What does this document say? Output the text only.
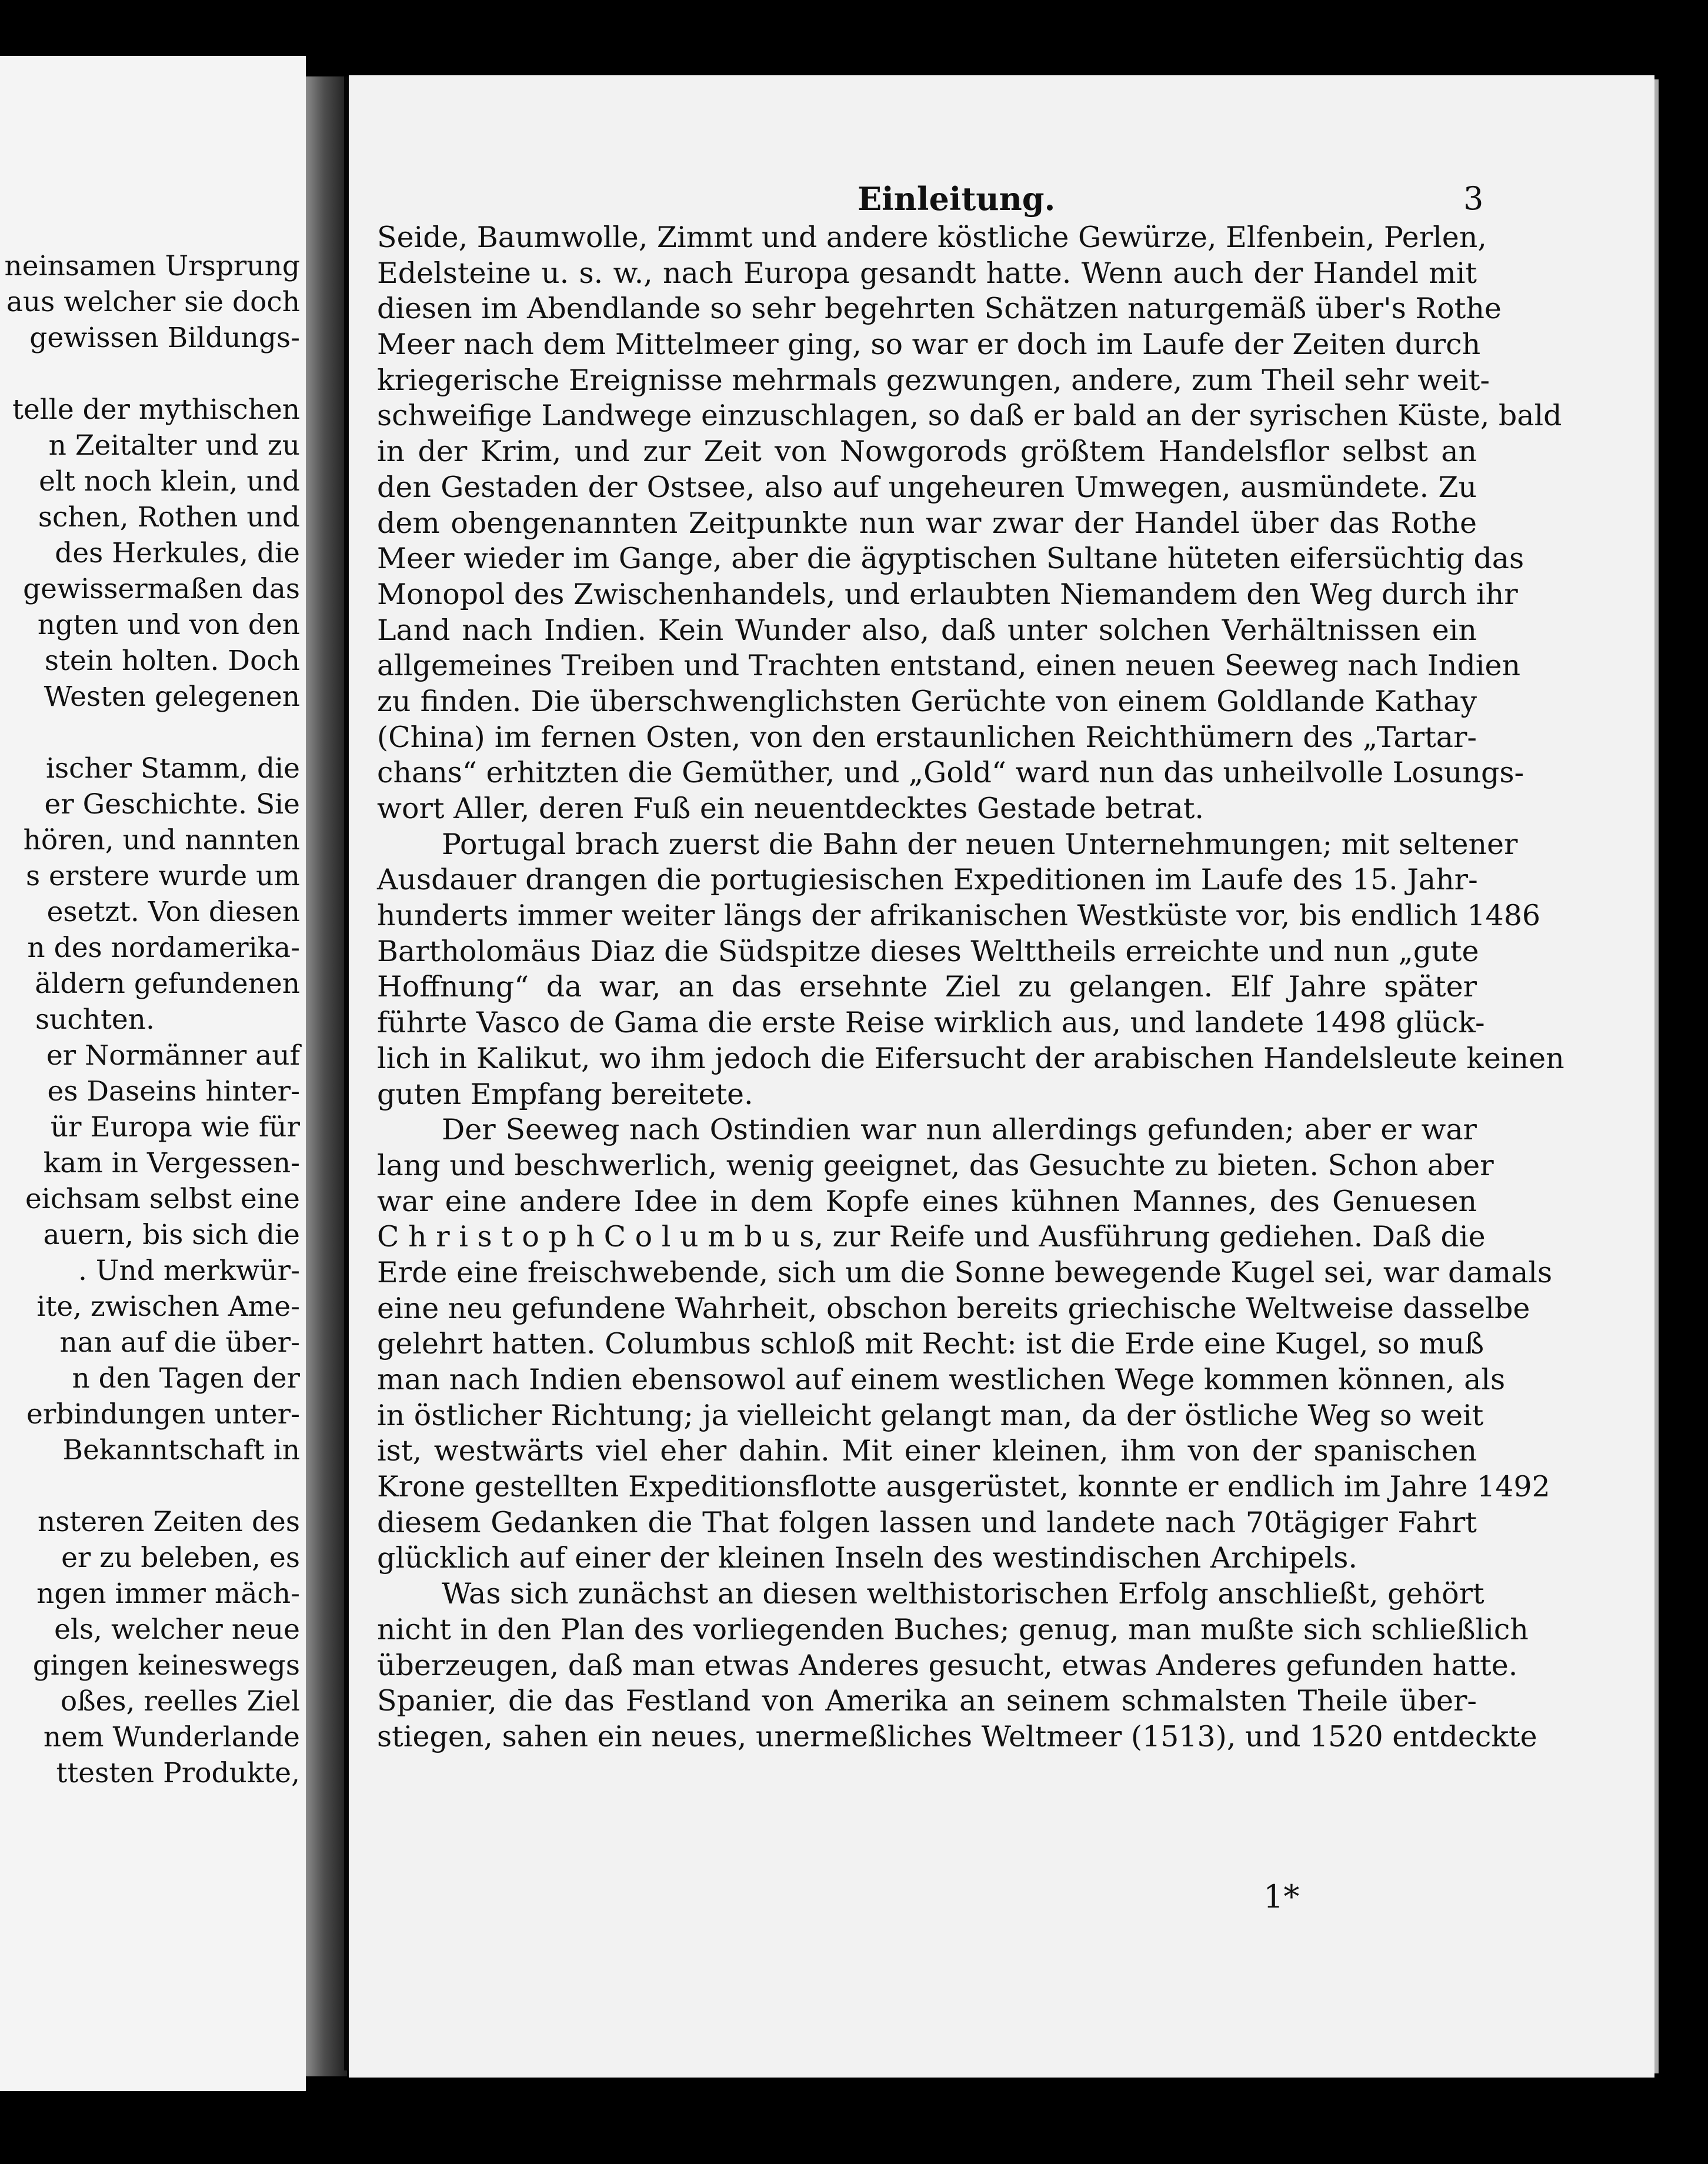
neinsamen Ursprung
aus welcher sie doch
gewissen Bildungs-
telle der mythischen
n Zeitalter und zu
elt noch klein, und
schen, Rothen und
des Herkules, die
gewissermaßen das
ngten und von den
stein holten. Doch
Westen gelegenen
ischer Stamm, die
er Geschichte. Sie
hören, und nannten
s erstere wurde um
esetzt. Von diesen
n des nordamerika-
äldern gefundenen
suchten.
er Normänner auf
es Daseins hinter-
ür Europa wie für
kam in Vergessen-
eichsam selbst eine
auern, bis sich die
. Und merkwür-
ite, zwischen Ame-
nan auf die über-
n den Tagen der
erbindungen unter-
Bekanntschaft in
nsteren Zeiten des
er zu beleben, es
ngen immer mäch-
els, welcher neue
gingen keineswegs
oßes, reelles Ziel
nem Wunderlande
ttesten Produkte,
Einleitung.	3
Seide, Baumwolle, Zimmt und andere köstliche Gewürze, Elfenbein, Perlen,
Edelsteine u. s. w., nach Europa gesandt hatte. Wenn auch der Handel mit
diesen im Abendlande so sehr begehrten Schätzen naturgemäß über's Rothe
Meer nach dem Mittelmeer ging, so war er doch im Laufe der Zeiten durch
kriegerische Ereignisse mehrmals gezwungen, andere, zum Theil sehr weit-
schweifige Landwege einzuschlagen, so daß er bald an der syrischen Küste, bald
in der Krim, und zur Zeit von Nowgorods größtem Handelsflor selbst an
den Gestaden der Ostsee, also auf ungeheuren Umwegen, ausmündete. Zu
dem obengenannten Zeitpunkte nun war zwar der Handel über das Rothe
Meer wieder im Gange, aber die ägyptischen Sultane hüteten eifersüchtig das
Monopol des Zwischenhandels, und erlaubten Niemandem den Weg durch ihr
Land nach Indien. Kein Wunder also, daß unter solchen Verhältnissen ein
allgemeines Treiben und Trachten entstand, einen neuen Seeweg nach Indien
zu finden. Die überschwenglichsten Gerüchte von einem Goldlande Kathay
(China) im fernen Osten, von den erstaunlichen Reichthümern des „Tartar-
chans“ erhitzten die Gemüther, und „Gold“ ward nun das unheilvolle Losungs-
wort Aller, deren Fuß ein neuentdecktes Gestade betrat.
Portugal brach zuerst die Bahn der neuen Unternehmungen; mit seltener
Ausdauer drangen die portugiesischen Expeditionen im Laufe des 15. Jahr-
hunderts immer weiter längs der afrikanischen Westküste vor, bis endlich 1486
Bartholomäus Diaz die Südspitze dieses Welttheils erreichte und nun „gute
Hoffnung“ da war, an das ersehnte Ziel zu gelangen. Elf Jahre später
führte Vasco de Gama die erste Reise wirklich aus, und landete 1498 glück-
lich in Kalikut, wo ihm jedoch die Eifersucht der arabischen Handelsleute keinen
guten Empfang bereitete.
Der Seeweg nach Ostindien war nun allerdings gefunden; aber er war
lang und beschwerlich, wenig geeignet, das Gesuchte zu bieten. Schon aber
war eine andere Idee in dem Kopfe eines kühnen Mannes, des Genuesen
C h r i s t o p h C o l u m b u s, zur Reife und Ausführung gediehen. Daß die
Erde eine freischwebende, sich um die Sonne bewegende Kugel sei, war damals
eine neu gefundene Wahrheit, obschon bereits griechische Weltweise dasselbe
gelehrt hatten. Columbus schloß mit Recht: ist die Erde eine Kugel, so muß
man nach Indien ebensowol auf einem westlichen Wege kommen können, als
in östlicher Richtung; ja vielleicht gelangt man, da der östliche Weg so weit
ist, westwärts viel eher dahin. Mit einer kleinen, ihm von der spanischen
Krone gestellten Expeditionsflotte ausgerüstet, konnte er endlich im Jahre 1492
diesem Gedanken die That folgen lassen und landete nach 70tägiger Fahrt
glücklich auf einer der kleinen Inseln des westindischen Archipels.
Was sich zunächst an diesen welthistorischen Erfolg anschließt, gehört
nicht in den Plan des vorliegenden Buches; genug, man mußte sich schließlich
überzeugen, daß man etwas Anderes gesucht, etwas Anderes gefunden hatte.
Spanier, die das Festland von Amerika an seinem schmalsten Theile über-
stiegen, sahen ein neues, unermeßliches Weltmeer (1513), und 1520 entdeckte
1*
